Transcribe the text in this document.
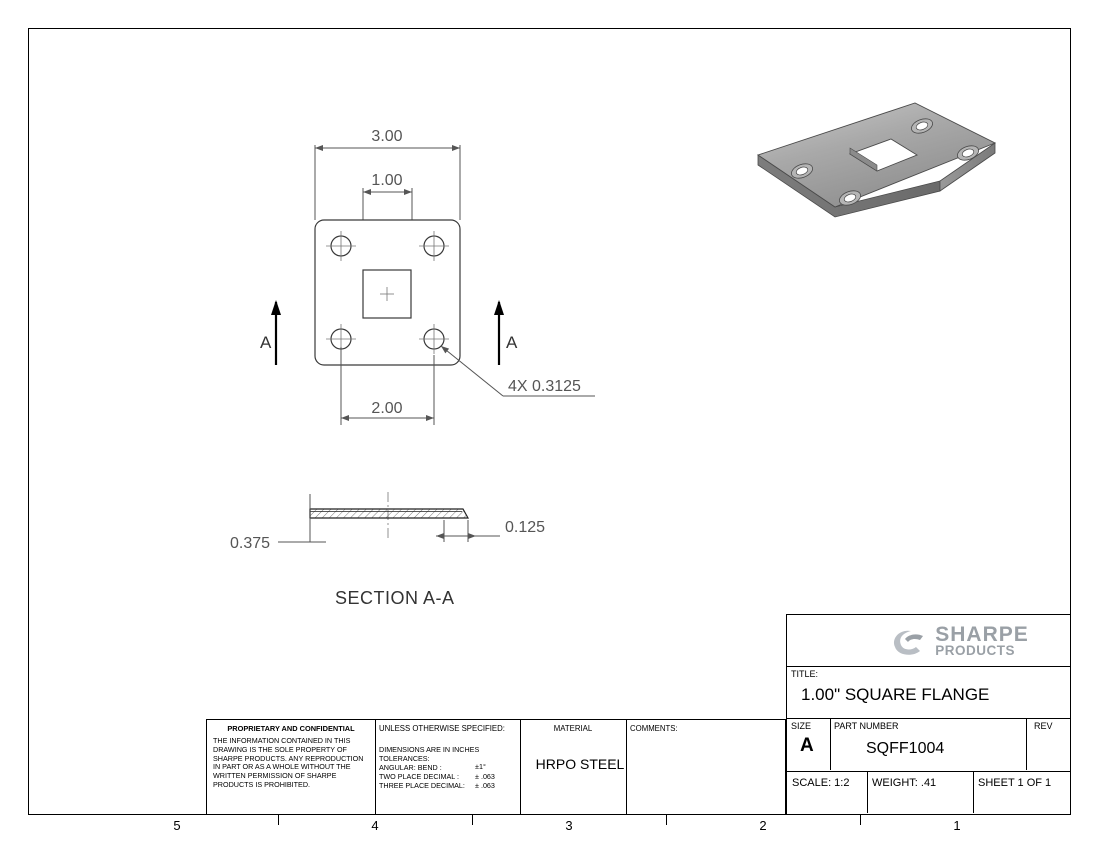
5	4	3	2	1
3.00
1.00
4X 0.3125
2.00
A	A
0.375
0.125
SECTION A-A
SHARPE
PRODUCTS
TITLE:
1.00" SQUARE FLANGE
SIZE
A
PART NUMBER
SQFF1004
REV
SCALE: 1:2 WEIGHT: .41	SHEET 1 OF 1
PROPRIETARY AND CONFIDENTIAL
THE INFORMATION CONTAINED IN THIS DRAWING IS THE SOLE PROPERTY OF SHARPE PRODUCTS. ANY REPRODUCTION IN PART OR AS A WHOLE WITHOUT THE WRITTEN PERMISSION OF SHARPE PRODUCTS IS PROHIBITED.
UNLESS OTHERWISE SPECIFIED:
DIMENSIONS ARE IN INCHES
TOLERANCES:
ANGULAR: BEND :
TWO PLACE DECIMAL :
THREE PLACE DECIMAL:
±1°
± .063
± .063
MATERIAL
HRPO STEEL
COMMENTS:
